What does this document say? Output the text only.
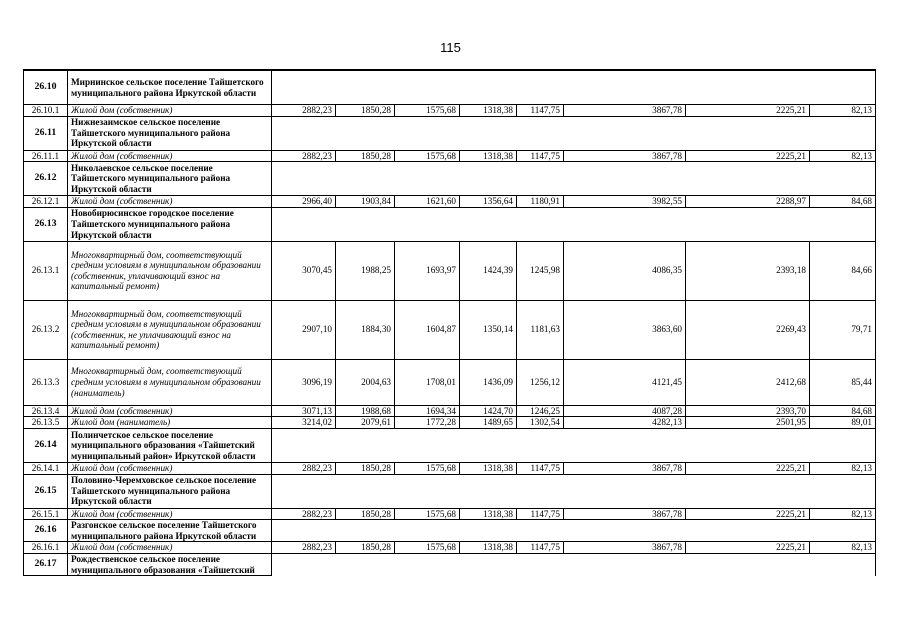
115
26.10	Мирнинское сельское поселение Тайшетского муниципального района Иркутской области								
26.10.1	Жилой дом (собственник)	2882,23	1850,28	1575,68	1318,38	1147,75	3867,78	2225,21	82,13
26.11	Нижнезаимское сельское поселение Тайшетского муниципального района Иркутской области								
26.11.1	Жилой дом (собственник)	2882,23	1850,28	1575,68	1318,38	1147,75	3867,78	2225,21	82,13
26.12	Николаевское сельское поселение Тайшетского муниципального района Иркутской области								
26.12.1	Жилой дом (собственник)	2966,40	1903,84	1621,60	1356,64	1180,91	3982,55	2288,97	84,68
26.13	Новобирюсинское городское поселение Тайшетского муниципального района Иркутской области								
26.13.1	Многоквартирный дом, соответствующий средним условиям в муниципальном образовании (собственник, уплачивающий взнос на капитальный ремонт)	3070,45	1988,25	1693,97	1424,39	1245,98	4086,35	2393,18	84,66
26.13.2	Многоквартирный дом, соответствующий средним условиям в муниципальном образовании (собственник, не уплачивающий взнос на капитальный ремонт)	2907,10	1884,30	1604,87	1350,14	1181,63	3863,60	2269,43	79,71
26.13.3	Многоквартирный дом, соответствующий средним условиям в муниципальном образовании (наниматель)	3096,19	2004,63	1708,01	1436,09	1256,12	4121,45	2412,68	85,44
26.13.4	Жилой дом (собственник)	3071,13	1988,68	1694,34	1424,70	1246,25	4087,28	2393,70	84,68
26.13.5	Жилой дом (наниматель)	3214,02	2079,61	1772,28	1489,65	1302,54	4282,13	2501,95	89,01
26.14	Полинчетское сельское поселение муниципального образования «Тайшетский муниципальный район» Иркутской области								
26.14.1	Жилой дом (собственник)	2882,23	1850,28	1575,68	1318,38	1147,75	3867,78	2225,21	82,13
26.15	Половино-Черемховское сельское поселение Тайшетского муниципального района Иркутской области								
26.15.1	Жилой дом (собственник)	2882,23	1850,28	1575,68	1318,38	1147,75	3867,78	2225,21	82,13
26.16	Разгонское сельское поселение Тайшетского муниципального района Иркутской области								
26.16.1	Жилой дом (собственник)	2882,23	1850,28	1575,68	1318,38	1147,75	3867,78	2225,21	82,13
26.17	Рождественское сельское поселение муниципального образования «Тайшетский								
